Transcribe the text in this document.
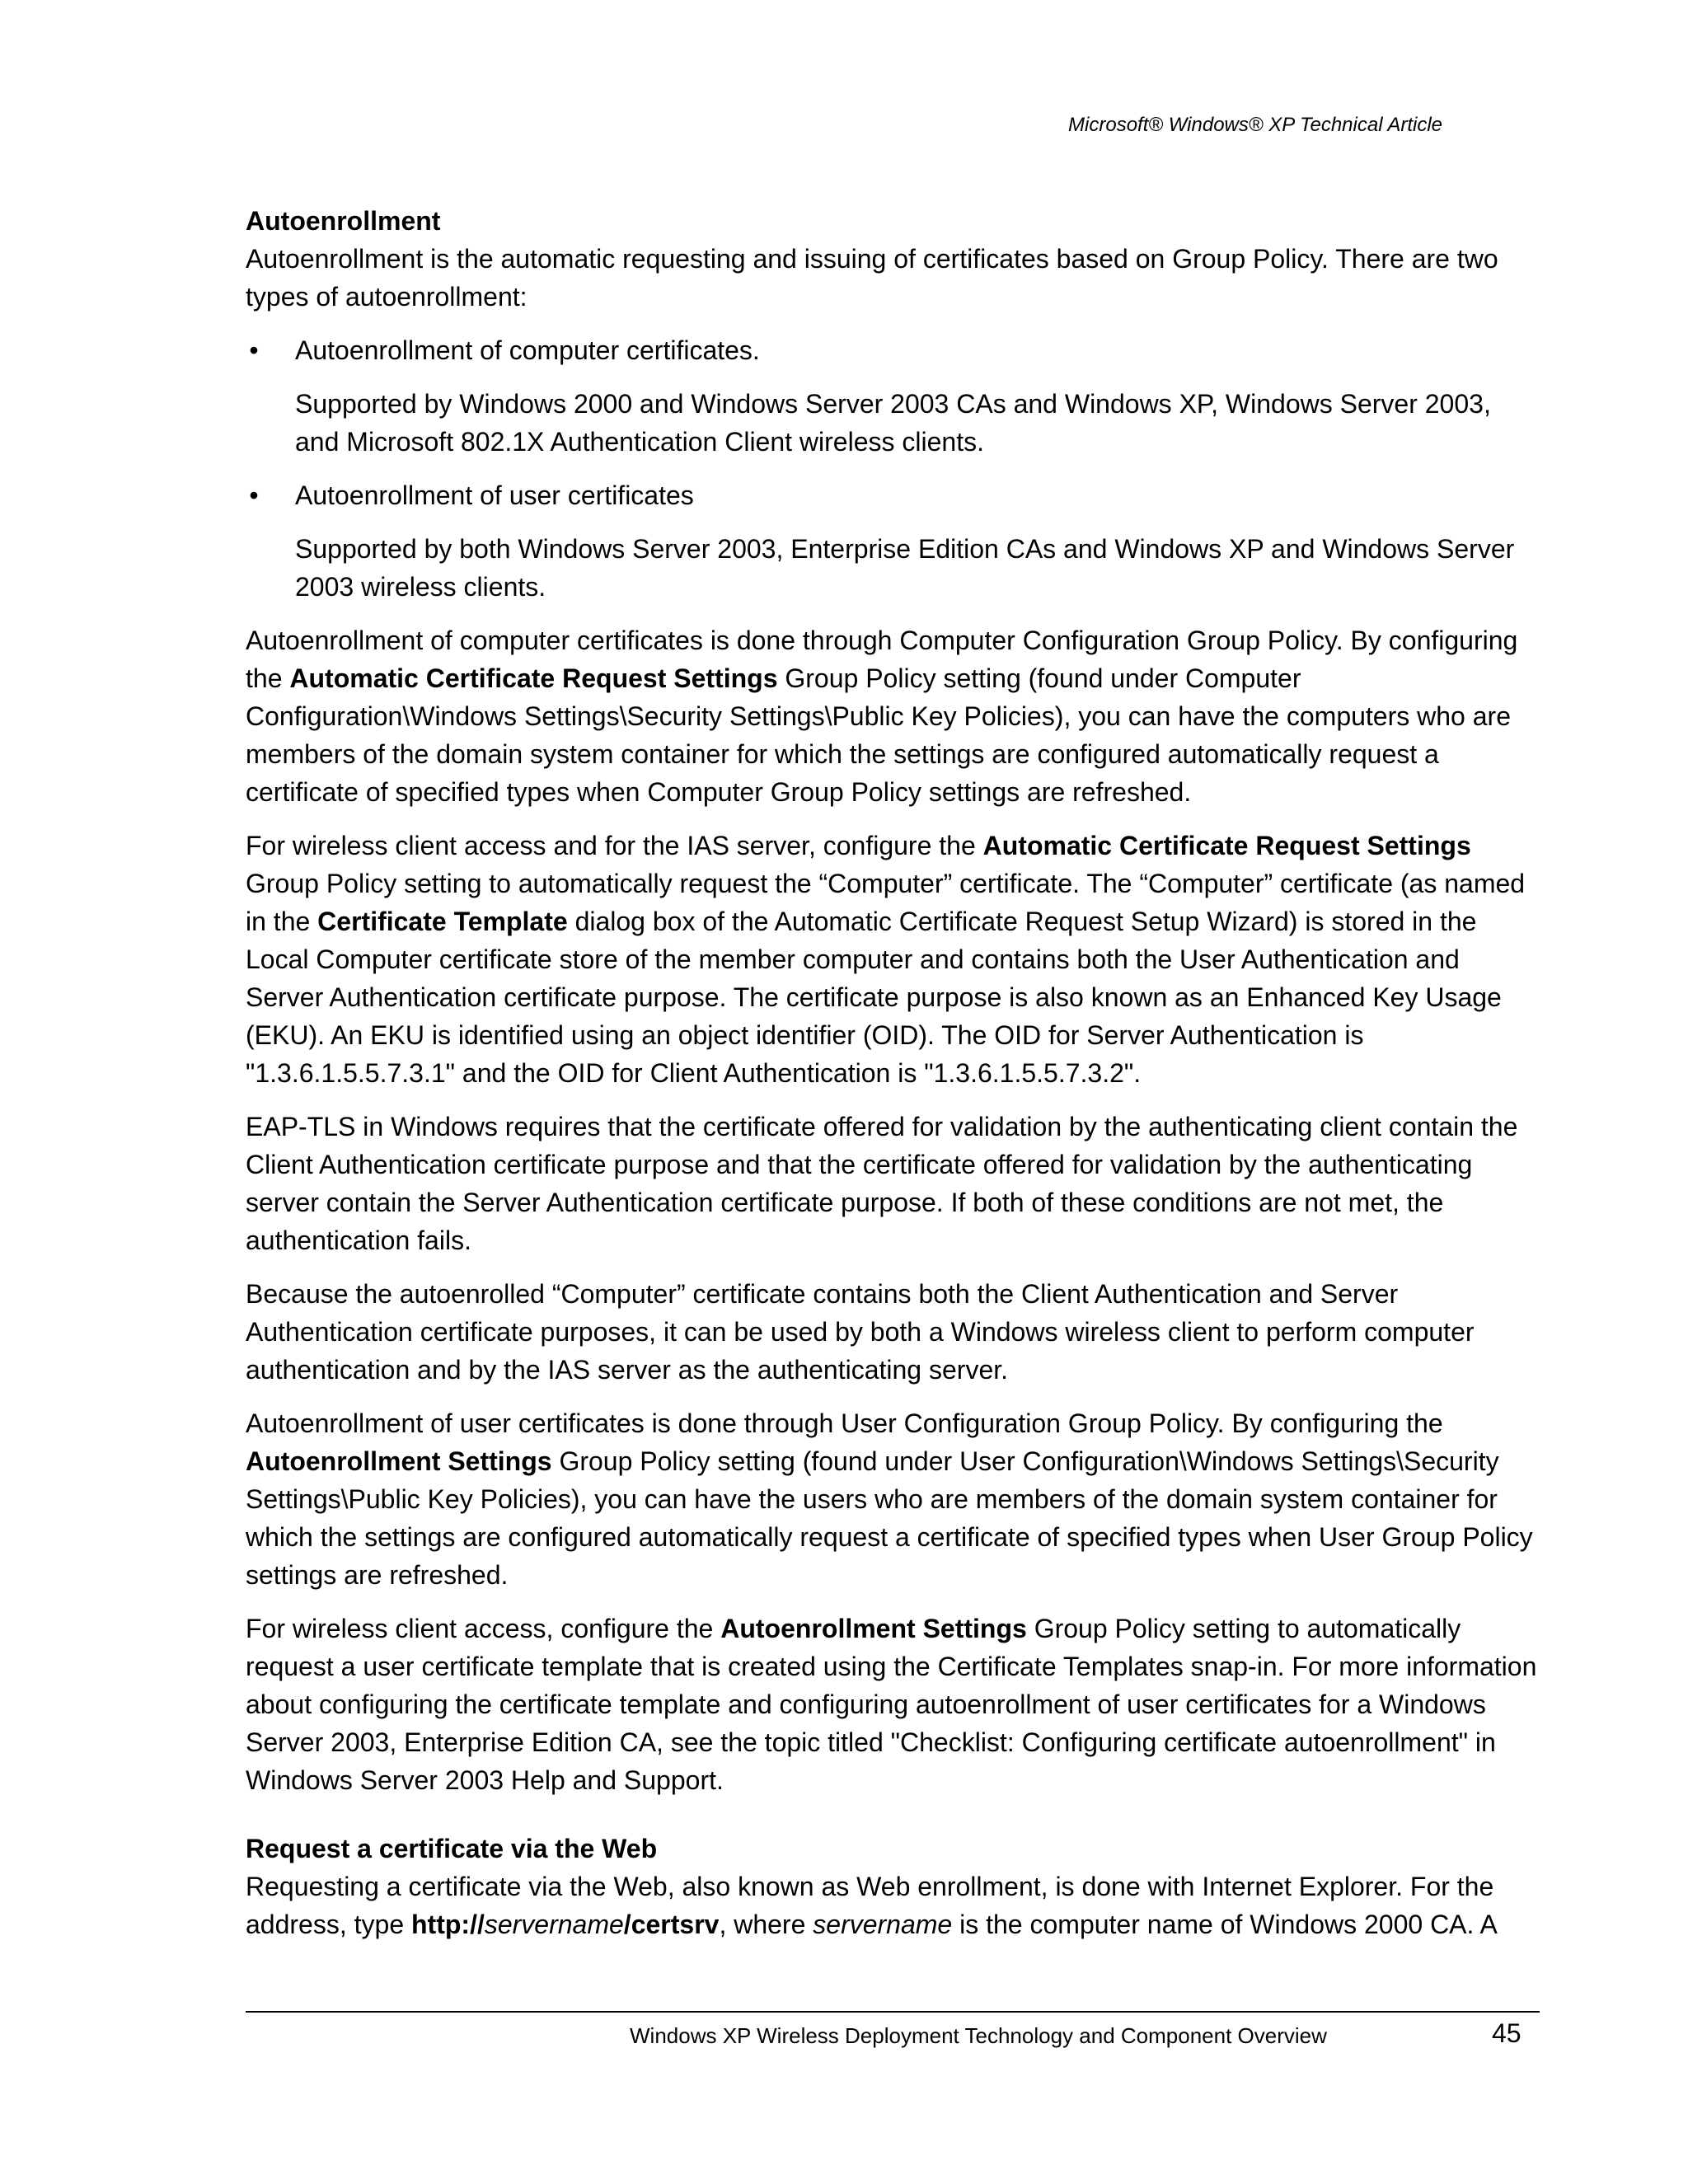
Microsoft® Windows® XP Technical Article

Autoenrollment

Autoenrollment is the automatic requesting and issuing of certificates based on Group Policy. There are two types of autoenrollment:

• Autoenrollment of computer certificates.

Supported by Windows 2000 and Windows Server 2003 CAs and Windows XP, Windows Server 2003, and Microsoft 802.1X Authentication Client wireless clients.

• Autoenrollment of user certificates

Supported by both Windows Server 2003, Enterprise Edition CAs and Windows XP and Windows Server 2003 wireless clients.

Autoenrollment of computer certificates is done through Computer Configuration Group Policy. By configuring the Automatic Certificate Request Settings Group Policy setting (found under Computer Configuration\Windows Settings\Security Settings\Public Key Policies), you can have the computers who are members of the domain system container for which the settings are configured automatically request a certificate of specified types when Computer Group Policy settings are refreshed.

For wireless client access and for the IAS server, configure the Automatic Certificate Request Settings Group Policy setting to automatically request the “Computer” certificate. The “Computer” certificate (as named in the Certificate Template dialog box of the Automatic Certificate Request Setup Wizard) is stored in the Local Computer certificate store of the member computer and contains both the User Authentication and Server Authentication certificate purpose. The certificate purpose is also known as an Enhanced Key Usage (EKU). An EKU is identified using an object identifier (OID). The OID for Server Authentication is "1.3.6.1.5.5.7.3.1" and the OID for Client Authentication is "1.3.6.1.5.5.7.3.2".

EAP-TLS in Windows requires that the certificate offered for validation by the authenticating client contain the Client Authentication certificate purpose and that the certificate offered for validation by the authenticating server contain the Server Authentication certificate purpose. If both of these conditions are not met, the authentication fails.

Because the autoenrolled “Computer” certificate contains both the Client Authentication and Server Authentication certificate purposes, it can be used by both a Windows wireless client to perform computer authentication and by the IAS server as the authenticating server.

Autoenrollment of user certificates is done through User Configuration Group Policy. By configuring the Autoenrollment Settings Group Policy setting (found under User Configuration\Windows Settings\Security Settings\Public Key Policies), you can have the users who are members of the domain system container for which the settings are configured automatically request a certificate of specified types when User Group Policy settings are refreshed.

For wireless client access, configure the Autoenrollment Settings Group Policy setting to automatically request a user certificate template that is created using the Certificate Templates snap-in. For more information about configuring the certificate template and configuring autoenrollment of user certificates for a Windows Server 2003, Enterprise Edition CA, see the topic titled "Checklist: Configuring certificate autoenrollment" in Windows Server 2003 Help and Support.

Request a certificate via the Web

Requesting a certificate via the Web, also known as Web enrollment, is done with Internet Explorer. For the address, type http://servername/certsrv, where servername is the computer name of Windows 2000 CA. A

Windows XP Wireless Deployment Technology and Component Overview	45
